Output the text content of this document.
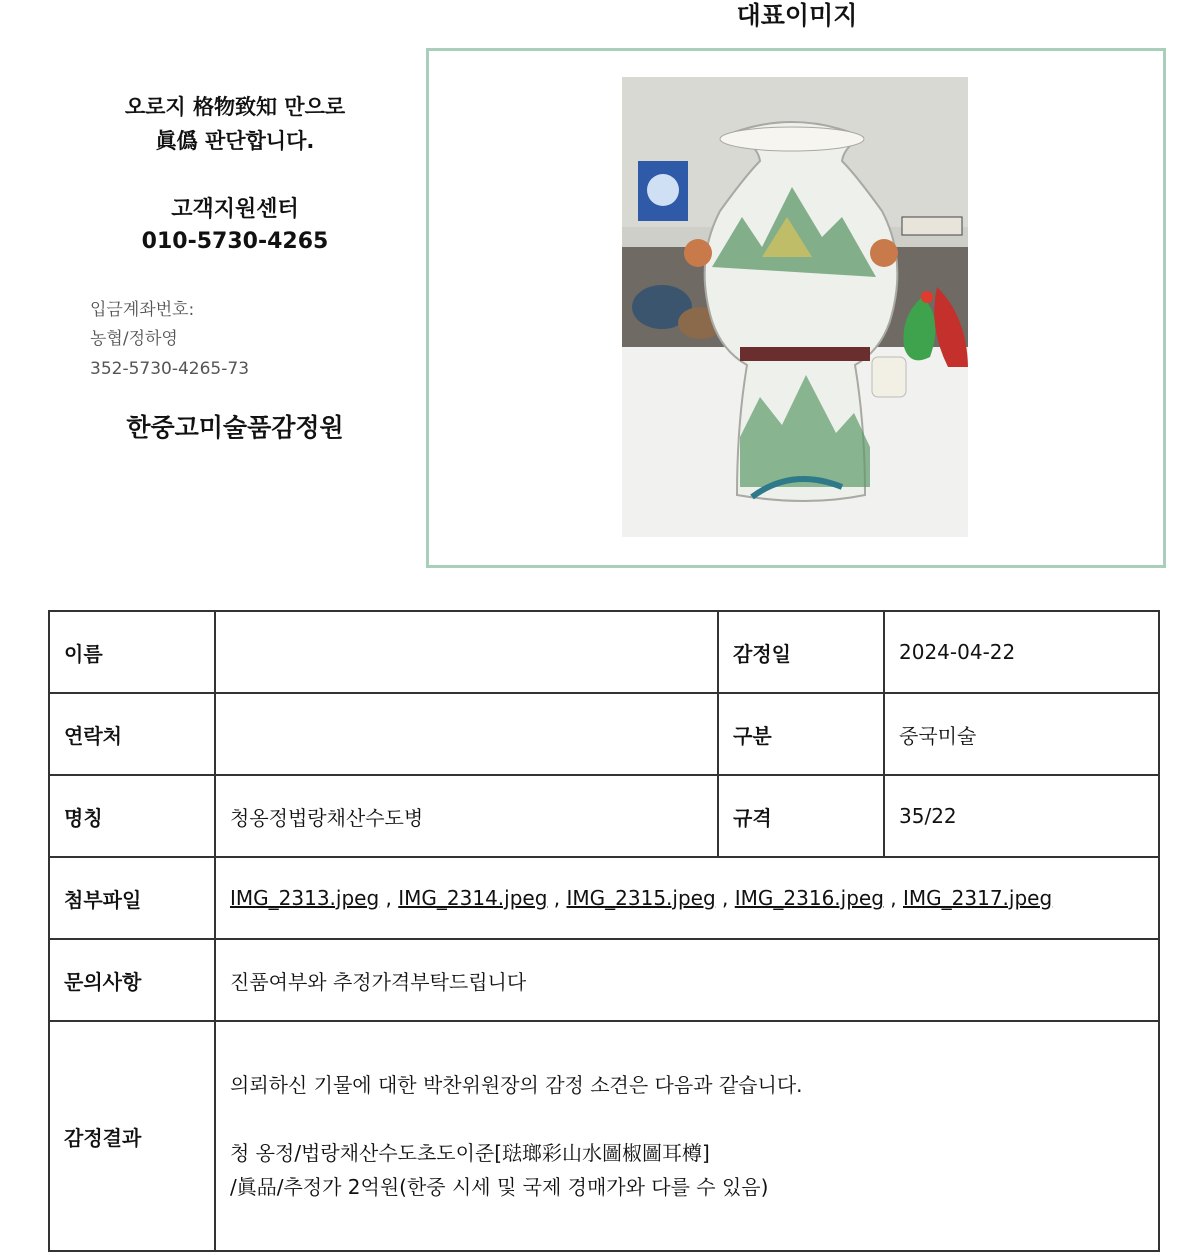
오로지 格物致知 만으로
眞僞 판단합니다.
고객지원센터
010-5730-4265
입금계좌번호:
농협/정하영
352-5730-4265-73
한중고미술품감정원
대표이미지
이름		감정일	2024-04-22
연락처		구분	중국미술
명칭	청옹정법랑채산수도병	규격	35/22
첨부파일	IMG_2313.jpeg , IMG_2314.jpeg , IMG_2315.jpeg , IMG_2316.jpeg , IMG_2317.jpeg		
문의사항	진품여부와 추정가격부탁드립니다		
감정결과	의뢰하신 기물에 대한 박찬위원장의 감정 소견은 다음과 같습니다.
청 옹정/법랑채산수도초도이준[琺瑯彩山水圖椒圖耳樽]
/眞品/추정가 2억원(한중 시세 및 국제 경매가와 다를 수 있음)		
